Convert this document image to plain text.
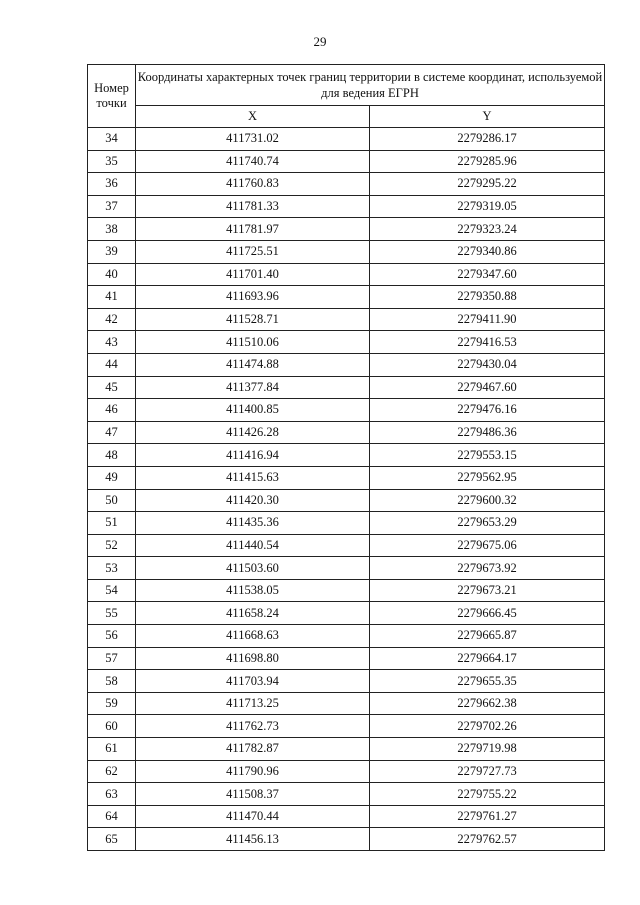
29
Номер точки	Координаты характерных точек границ территории в системе координат, используемой для ведения ЕГРН	
	X	Y
34	411731.02	2279286.17
35	411740.74	2279285.96
36	411760.83	2279295.22
37	411781.33	2279319.05
38	411781.97	2279323.24
39	411725.51	2279340.86
40	411701.40	2279347.60
41	411693.96	2279350.88
42	411528.71	2279411.90
43	411510.06	2279416.53
44	411474.88	2279430.04
45	411377.84	2279467.60
46	411400.85	2279476.16
47	411426.28	2279486.36
48	411416.94	2279553.15
49	411415.63	2279562.95
50	411420.30	2279600.32
51	411435.36	2279653.29
52	411440.54	2279675.06
53	411503.60	2279673.92
54	411538.05	2279673.21
55	411658.24	2279666.45
56	411668.63	2279665.87
57	411698.80	2279664.17
58	411703.94	2279655.35
59	411713.25	2279662.38
60	411762.73	2279702.26
61	411782.87	2279719.98
62	411790.96	2279727.73
63	411508.37	2279755.22
64	411470.44	2279761.27
65	411456.13	2279762.57
